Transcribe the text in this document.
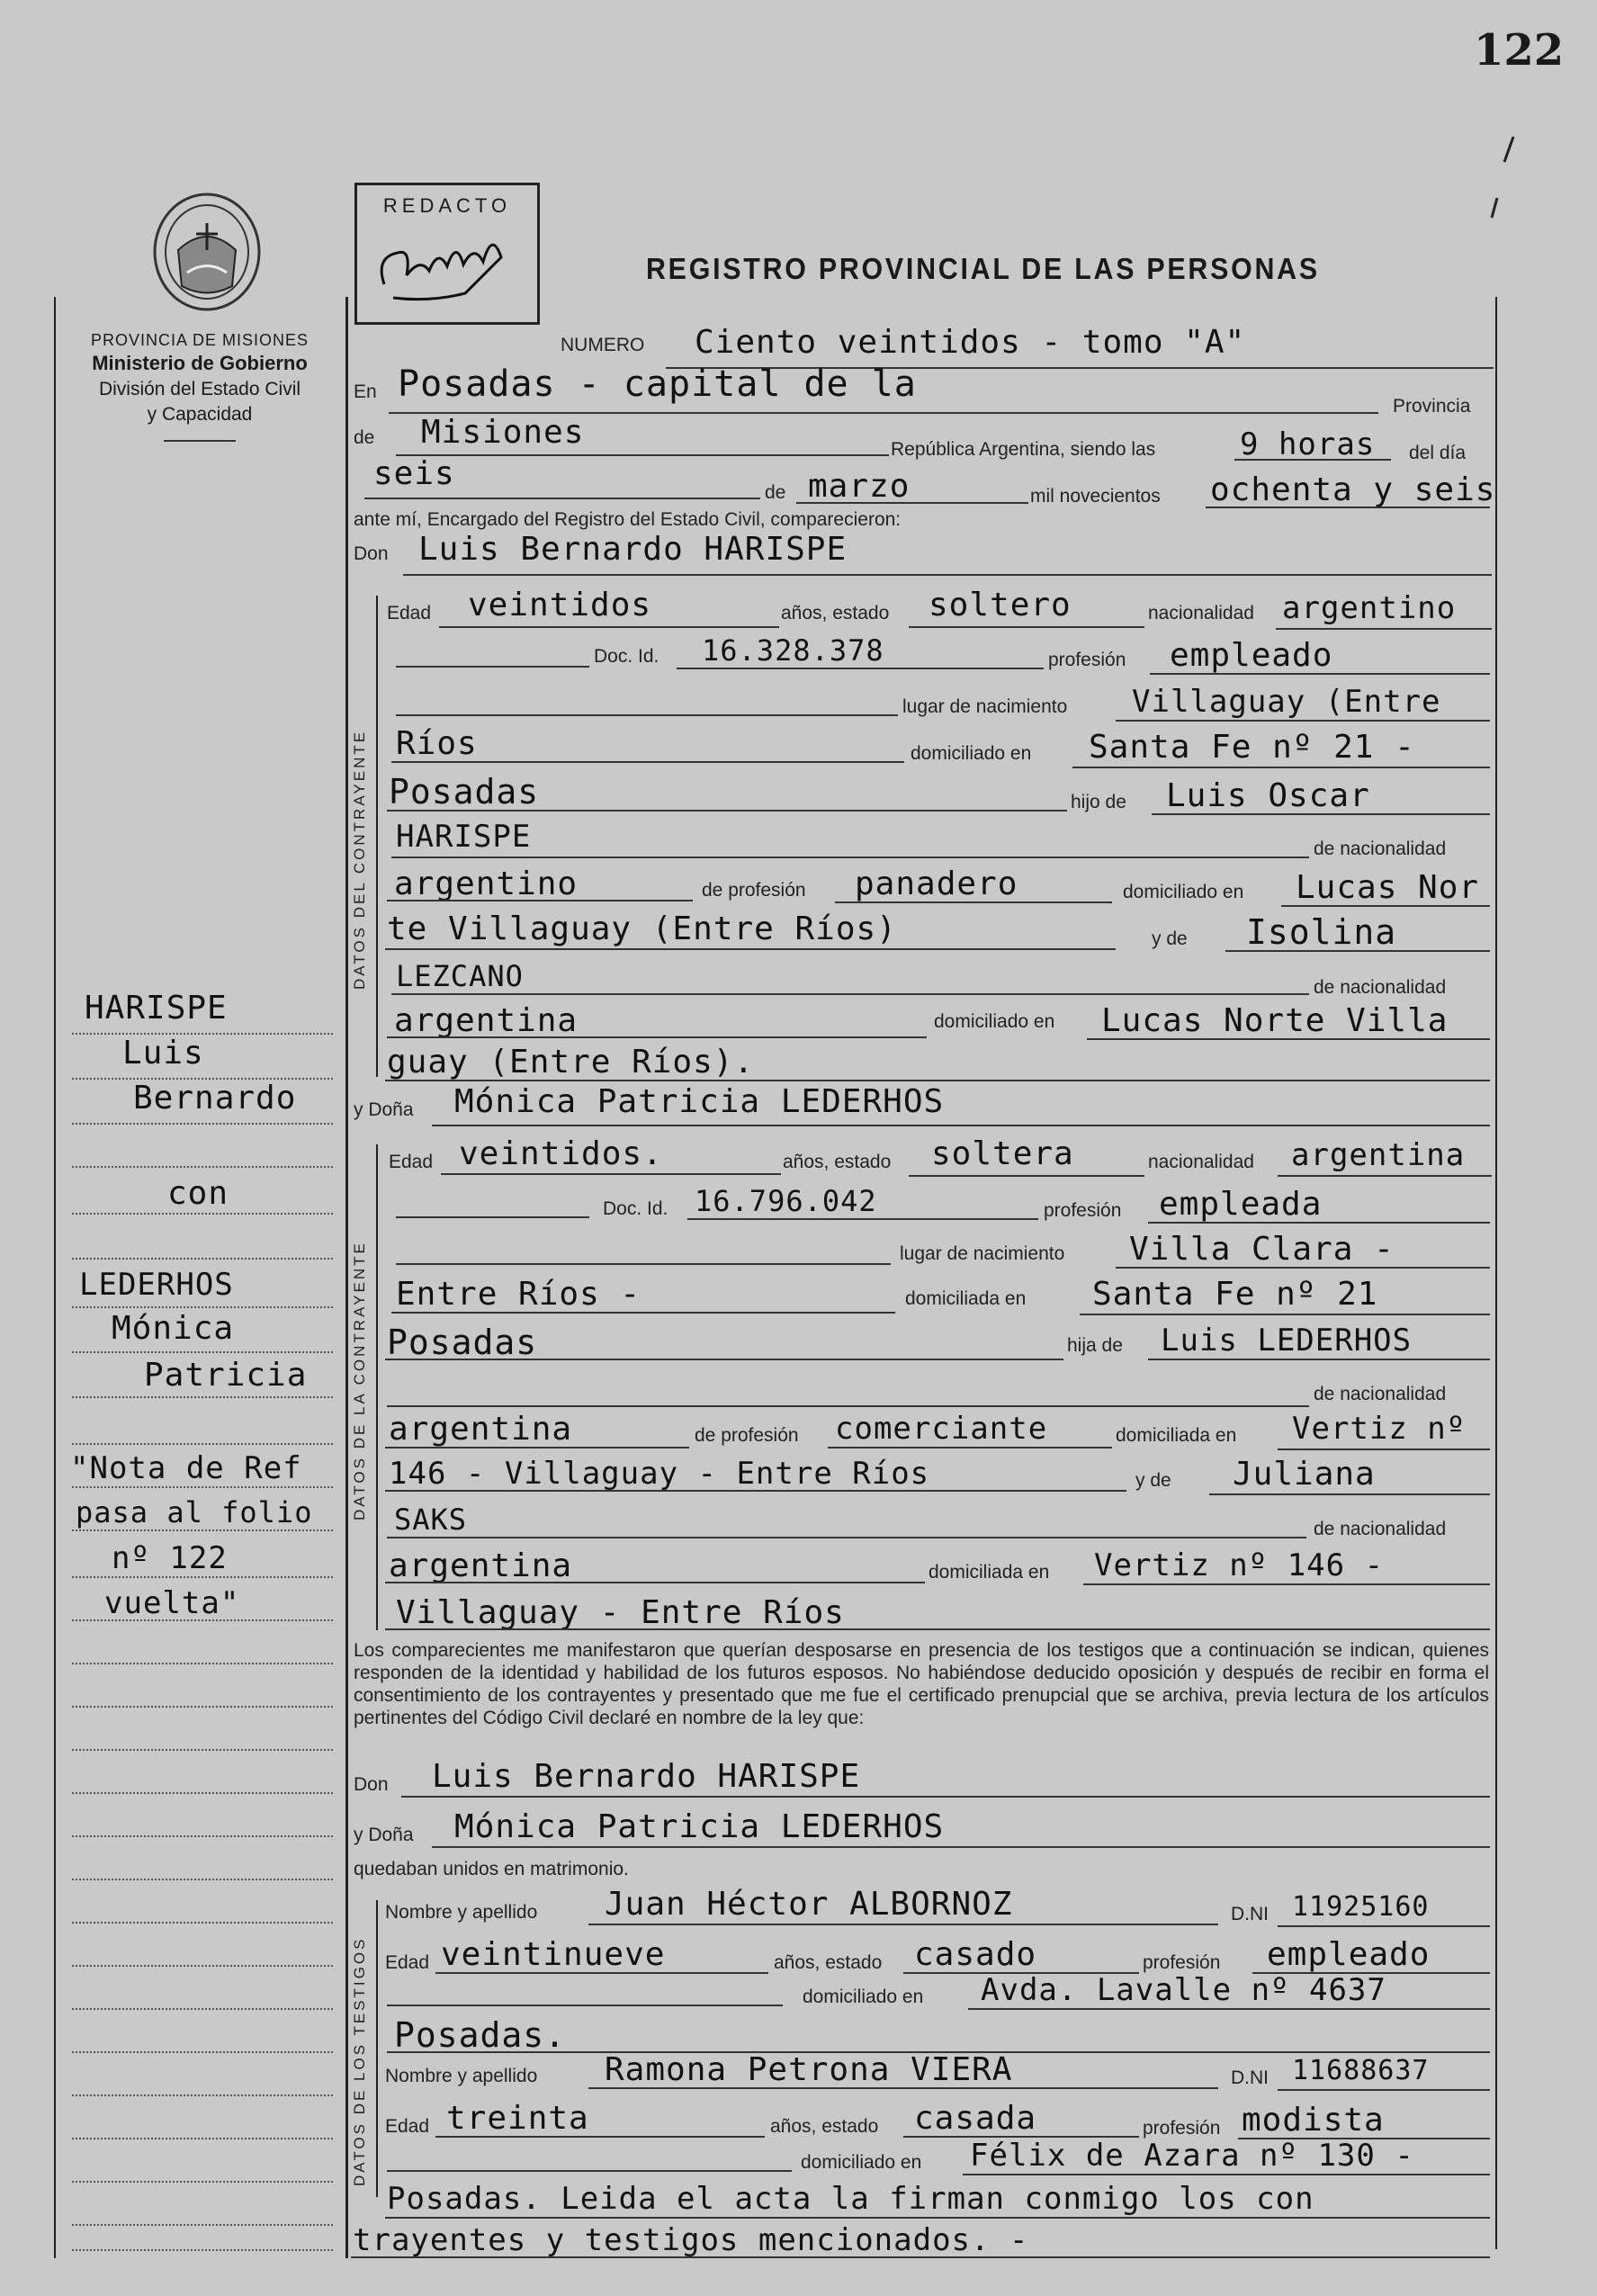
122
PROVINCIA DE MISIONES
Ministerio de Gobierno
División del Estado Civil
y Capacidad
REDACTO
REGISTRO PROVINCIAL DE LAS PERSONAS
NUMERO Ciento veintidos - tomo "A"
En Posadas - capital de la
Provincia
de Misiones	República Argentina, siendo las	9 horas del día
seis
de marzo	mil novecientos ochenta y seis
ante mí, Encargado del Registro del Estado Civil, comparecieron:
Don Luis Bernardo HARISPE
DATOS DEL CONTRAYENTE
Edad veintidos	años, estado soltero	nacionalidad argentino
Doc. Id. 16.328.378	profesión empleado
lugar de nacimiento Villaguay (Entre
Ríos	domiciliado en Santa Fe nº 21 -
Posadas	hijo de Luis Oscar
HARISPE	de nacionalidad
argentino	de profesión panadero	domiciliado en Lucas Nor
te Villaguay (Entre Ríos)	y de Isolina
LEZCANO	de nacionalidad
argentina	domiciliado en Lucas Norte Villa
guay (Entre Ríos).
y Doña Mónica Patricia LEDERHOS
DATOS DE LA CONTRAYENTE
Edad veintidos.	años, estado soltera	nacionalidad argentina
Doc. Id. 16.796.042	profesión empleada
lugar de nacimiento Villa Clara -
Entre Ríos -	domiciliada en Santa Fe nº 21
Posadas	hija de Luis LEDERHOS
de nacionalidad
argentina	de profesión comerciante	domiciliada en Vertiz nº
146 - Villaguay - Entre Ríos	y de Juliana
SAKS	de nacionalidad
argentina	domiciliada en Vertiz nº 146 -
Villaguay - Entre Ríos
Los comparecientes me manifestaron que querían desposarse en presencia de los testigos que a continuación se indican, quienes responden de la identidad y habilidad de los futuros esposos. No habiéndose deducido oposición y después de recibir en forma el consentimiento de los contrayentes y presentado que me fue el certificado prenupcial que se archiva, previa lectura de los artículos pertinentes del Código Civil declaré en nombre de la ley que:
Don Luis Bernardo HARISPE
y Doña Mónica Patricia LEDERHOS
quedaban unidos en matrimonio.
DATOS DE LOS TESTIGOS
Nombre y apellido Juan Héctor ALBORNOZ	D.NI 11925160
Edad veintinueve	años, estado casado	profesión empleado
domiciliado en Avda. Lavalle nº 4637
Posadas.
Nombre y apellido Ramona Petrona VIERA	D.NI 11688637
Edad treinta	años, estado casada	profesión modista
domiciliado en Félix de Azara nº 130 -
Posadas. Leida el acta la firman conmigo los con
trayentes y testigos mencionados. -
HARISPE
Luis
Bernardo
con
LEDERHOS
Mónica
Patricia
"Nota de Ref
pasa al folio
nº 122
vuelta"
